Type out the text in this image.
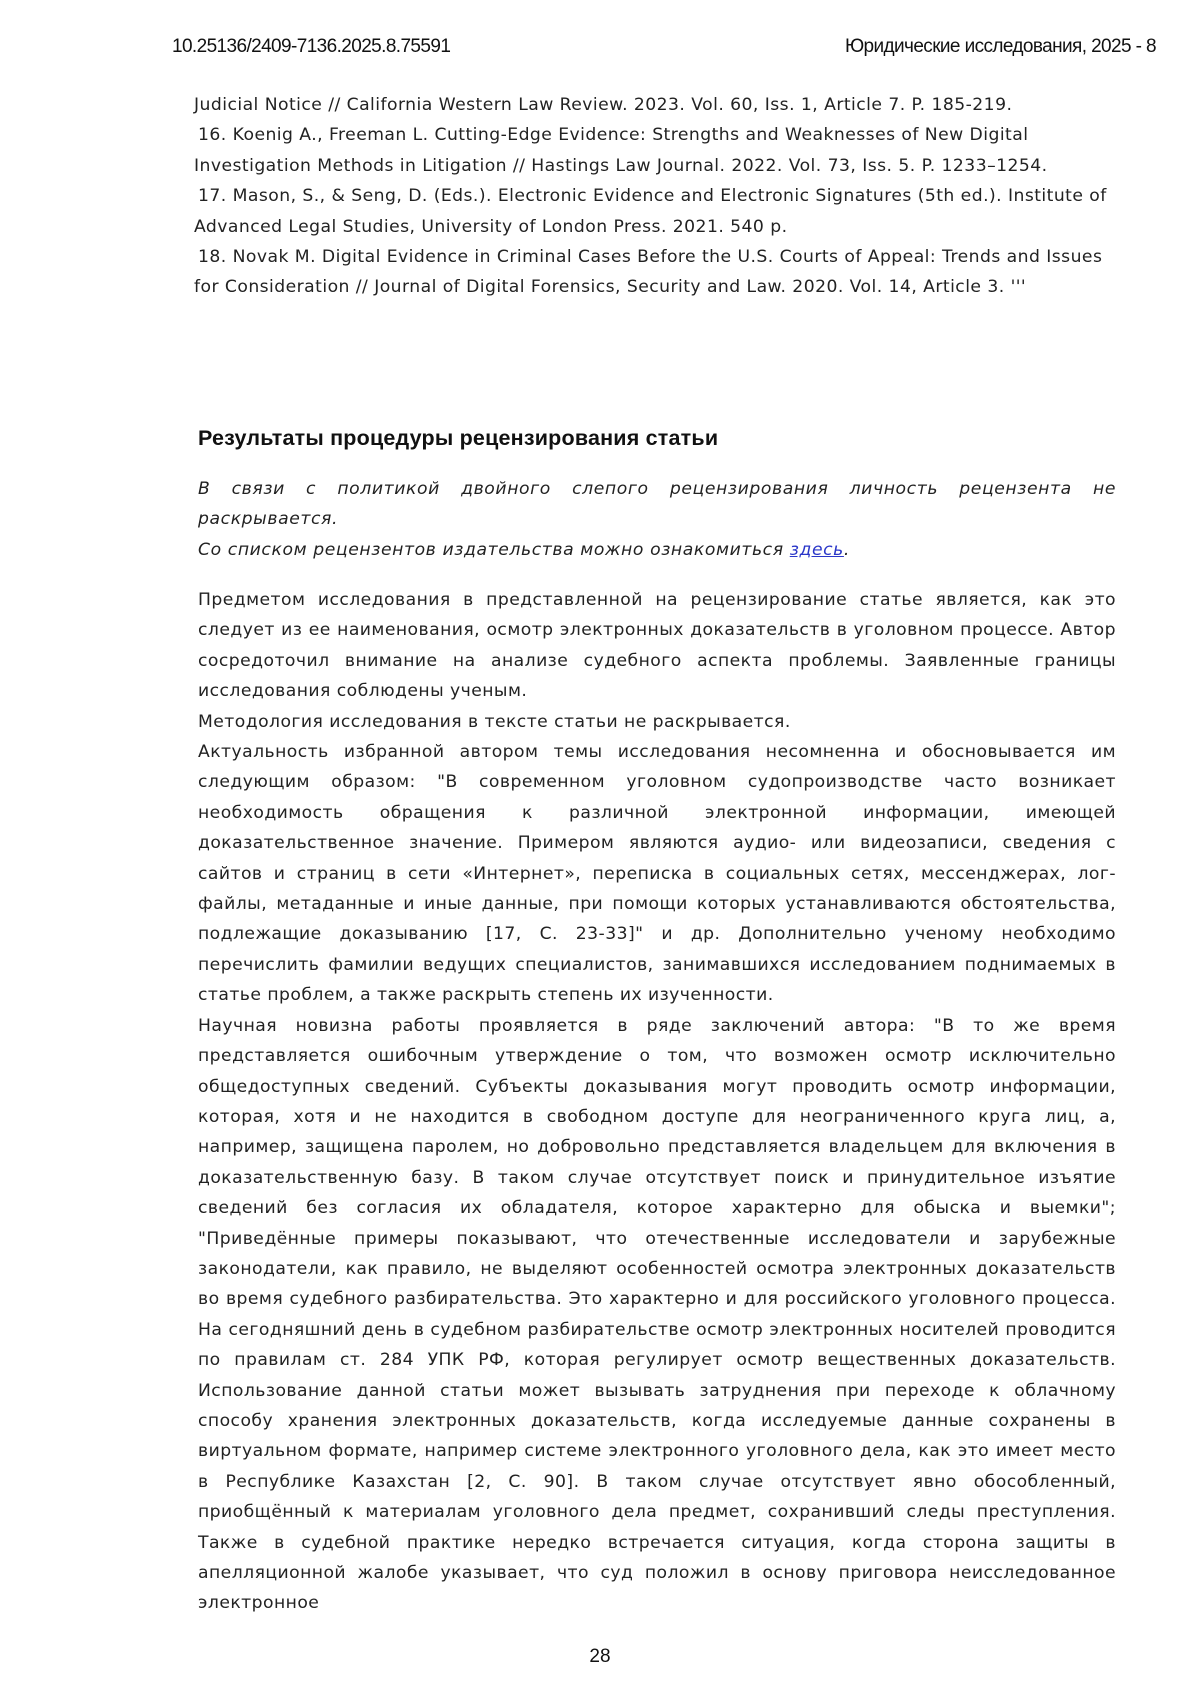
10.25136/2409-7136.2025.8.75591	Юридические исследования, 2025 - 8

Judicial Notice // California Western Law Review. 2023. Vol. 60, Iss. 1, Article 7. P. 185-219.

16. Koenig A., Freeman L. Cutting-Edge Evidence: Strengths and Weaknesses of New Digital Investigation Methods in Litigation // Hastings Law Journal. 2022. Vol. 73, Iss. 5. P. 1233–1254.

17. Mason, S., & Seng, D. (Eds.). Electronic Evidence and Electronic Signatures (5th ed.). Institute of Advanced Legal Studies, University of London Press. 2021. 540 p.

18. Novak M. Digital Evidence in Criminal Cases Before the U.S. Courts of Appeal: Trends and Issues for Consideration // Journal of Digital Forensics, Security and Law. 2020. Vol. 14, Article 3. '''

Результаты процедуры рецензирования статьи

В связи с политикой двойного слепого рецензирования личность рецензента не раскрывается.

Со списком рецензентов издательства можно ознакомиться здесь.

Предметом исследования в представленной на рецензирование статье является, как это следует из ее наименования, осмотр электронных доказательств в уголовном процессе. Автор сосредоточил внимание на анализе судебного аспекта проблемы. Заявленные границы исследования соблюдены ученым.

Методология исследования в тексте статьи не раскрывается.

Актуальность избранной автором темы исследования несомненна и обосновывается им следующим образом: "В современном уголовном судопроизводстве часто возникает необходимость обращения к различной электронной информации, имеющей доказательственное значение. Примером являются аудио- или видеозаписи, сведения с сайтов и страниц в сети «Интернет», переписка в социальных сетях, мессенджерах, лог-файлы, метаданные и иные данные, при помощи которых устанавливаются обстоятельства, подлежащие доказыванию [17, С. 23-33]" и др. Дополнительно ученому необходимо перечислить фамилии ведущих специалистов, занимавшихся исследованием поднимаемых в статье проблем, а также раскрыть степень их изученности.

Научная новизна работы проявляется в ряде заключений автора: "В то же время представляется ошибочным утверждение о том, что возможен осмотр исключительно общедоступных сведений. Субъекты доказывания могут проводить осмотр информации, которая, хотя и не находится в свободном доступе для неограниченного круга лиц, а, например, защищена паролем, но добровольно представляется владельцем для включения в доказательственную базу. В таком случае отсутствует поиск и принудительное изъятие сведений без согласия их обладателя, которое характерно для обыска и выемки"; "Приведённые примеры показывают, что отечественные исследователи и зарубежные законодатели, как правило, не выделяют особенностей осмотра электронных доказательств во время судебного разбирательства. Это характерно и для российского уголовного процесса. На сегодняшний день в судебном разбирательстве осмотр электронных носителей проводится по правилам ст. 284 УПК РФ, которая регулирует осмотр вещественных доказательств. Использование данной статьи может вызывать затруднения при переходе к облачному способу хранения электронных доказательств, когда исследуемые данные сохранены в виртуальном формате, например системе электронного уголовного дела, как это имеет место в Республике Казахстан [2, С. 90]. В таком случае отсутствует явно обособленный, приобщённый к материалам уголовного дела предмет, сохранивший следы преступления. Также в судебной практике нередко встречается ситуация, когда сторона защиты в апелляционной жалобе указывает, что суд положил в основу приговора неисследованное электронное

28
